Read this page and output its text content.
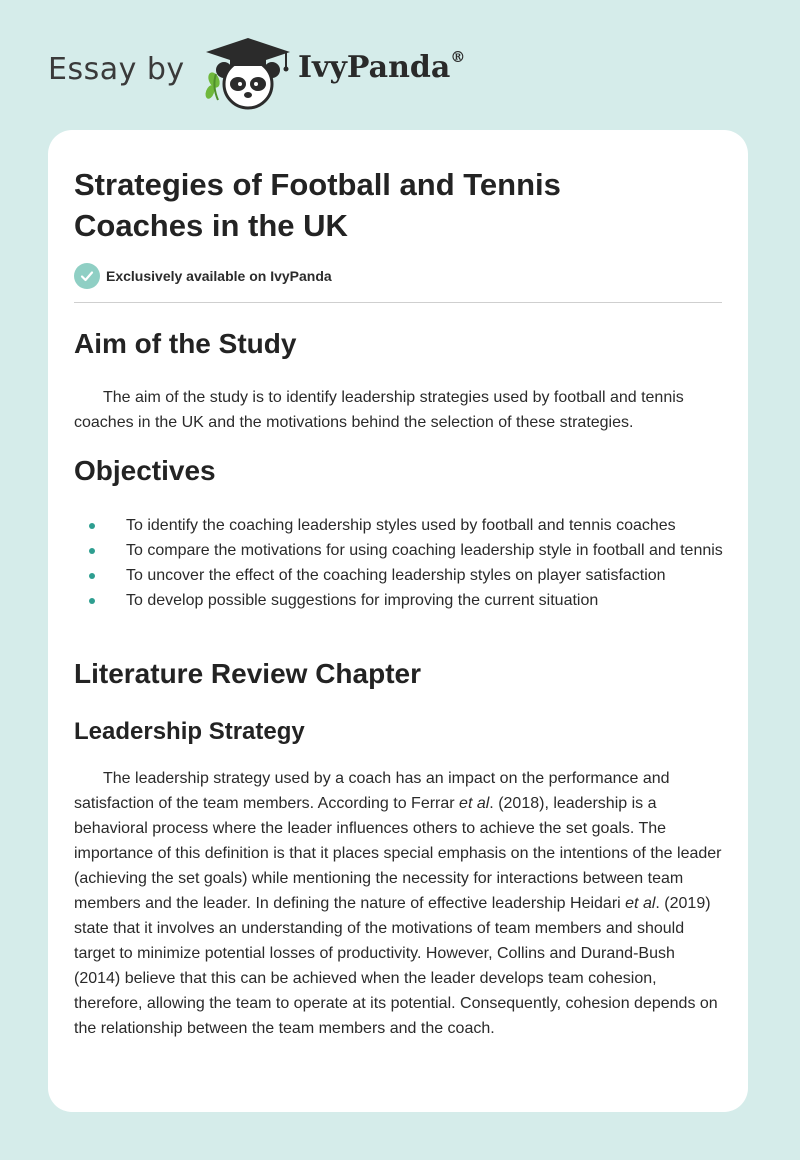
Essay by	IvyPanda®
Strategies of Football and Tennis Coaches in the UK
Exclusively available on IvyPanda
Aim of the Study

The aim of the study is to identify leadership strategies used by football and tennis coaches in the UK and the motivations behind the selection of these strategies.

Objectives
To identify the coaching leadership styles used by football and tennis coaches
To compare the motivations for using coaching leadership style in football and tennis
To uncover the effect of the coaching leadership styles on player satisfaction
To develop possible suggestions for improving the current situation
Literature Review Chapter
Leadership Strategy

The leadership strategy used by a coach has an impact on the performance and satisfaction of the team members. According to Ferrar et al. (2018), leadership is a behavioral process where the leader influences others to achieve the set goals. The importance of this definition is that it places special emphasis on the intentions of the leader (achieving the set goals) while mentioning the necessity for interactions between team members and the leader. In defining the nature of effective leadership Heidari et al. (2019) state that it involves an understanding of the motivations of team members and should target to minimize potential losses of productivity. However, Collins and Durand-Bush (2014) believe that this can be achieved when the leader develops team cohesion, therefore, allowing the team to operate at its potential. Consequently, cohesion depends on the relationship between the team members and the coach.
